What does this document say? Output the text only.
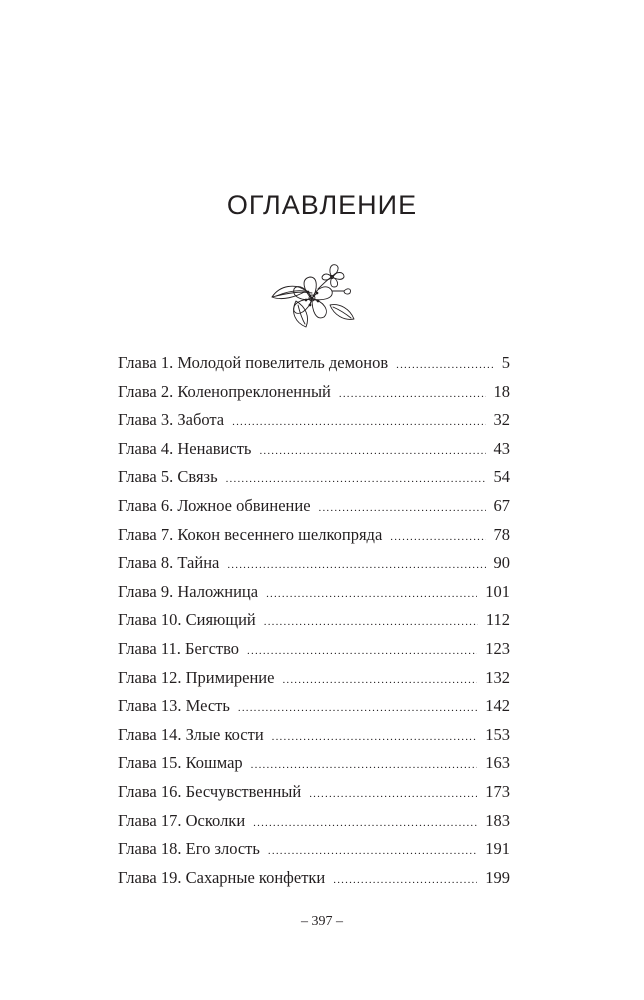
ОГЛАВЛЕНИЕ
Глава 1. Молодой повелитель демонов .....	5
Глава 2. Коленопреклоненный .....	18
Глава 3. Забота .....	32
Глава 4. Ненависть .....	43
Глава 5. Связь .....	54
Глава 6. Ложное обвинение .....	67
Глава 7. Кокон весеннего шелкопряда .....	78
Глава 8. Тайна .....	90
Глава 9. Наложница .....	101
Глава 10. Сияющий .....	112
Глава 11. Бегство .....	123
Глава 12. Примирение .....	132
Глава 13. Месть .....	142
Глава 14. Злые кости .....	153
Глава 15. Кошмар .....	163
Глава 16. Бесчувственный .....	173
Глава 17. Осколки .....	183
Глава 18. Его злость .....	191
Глава 19. Сахарные конфетки .....	199
– 397 –
